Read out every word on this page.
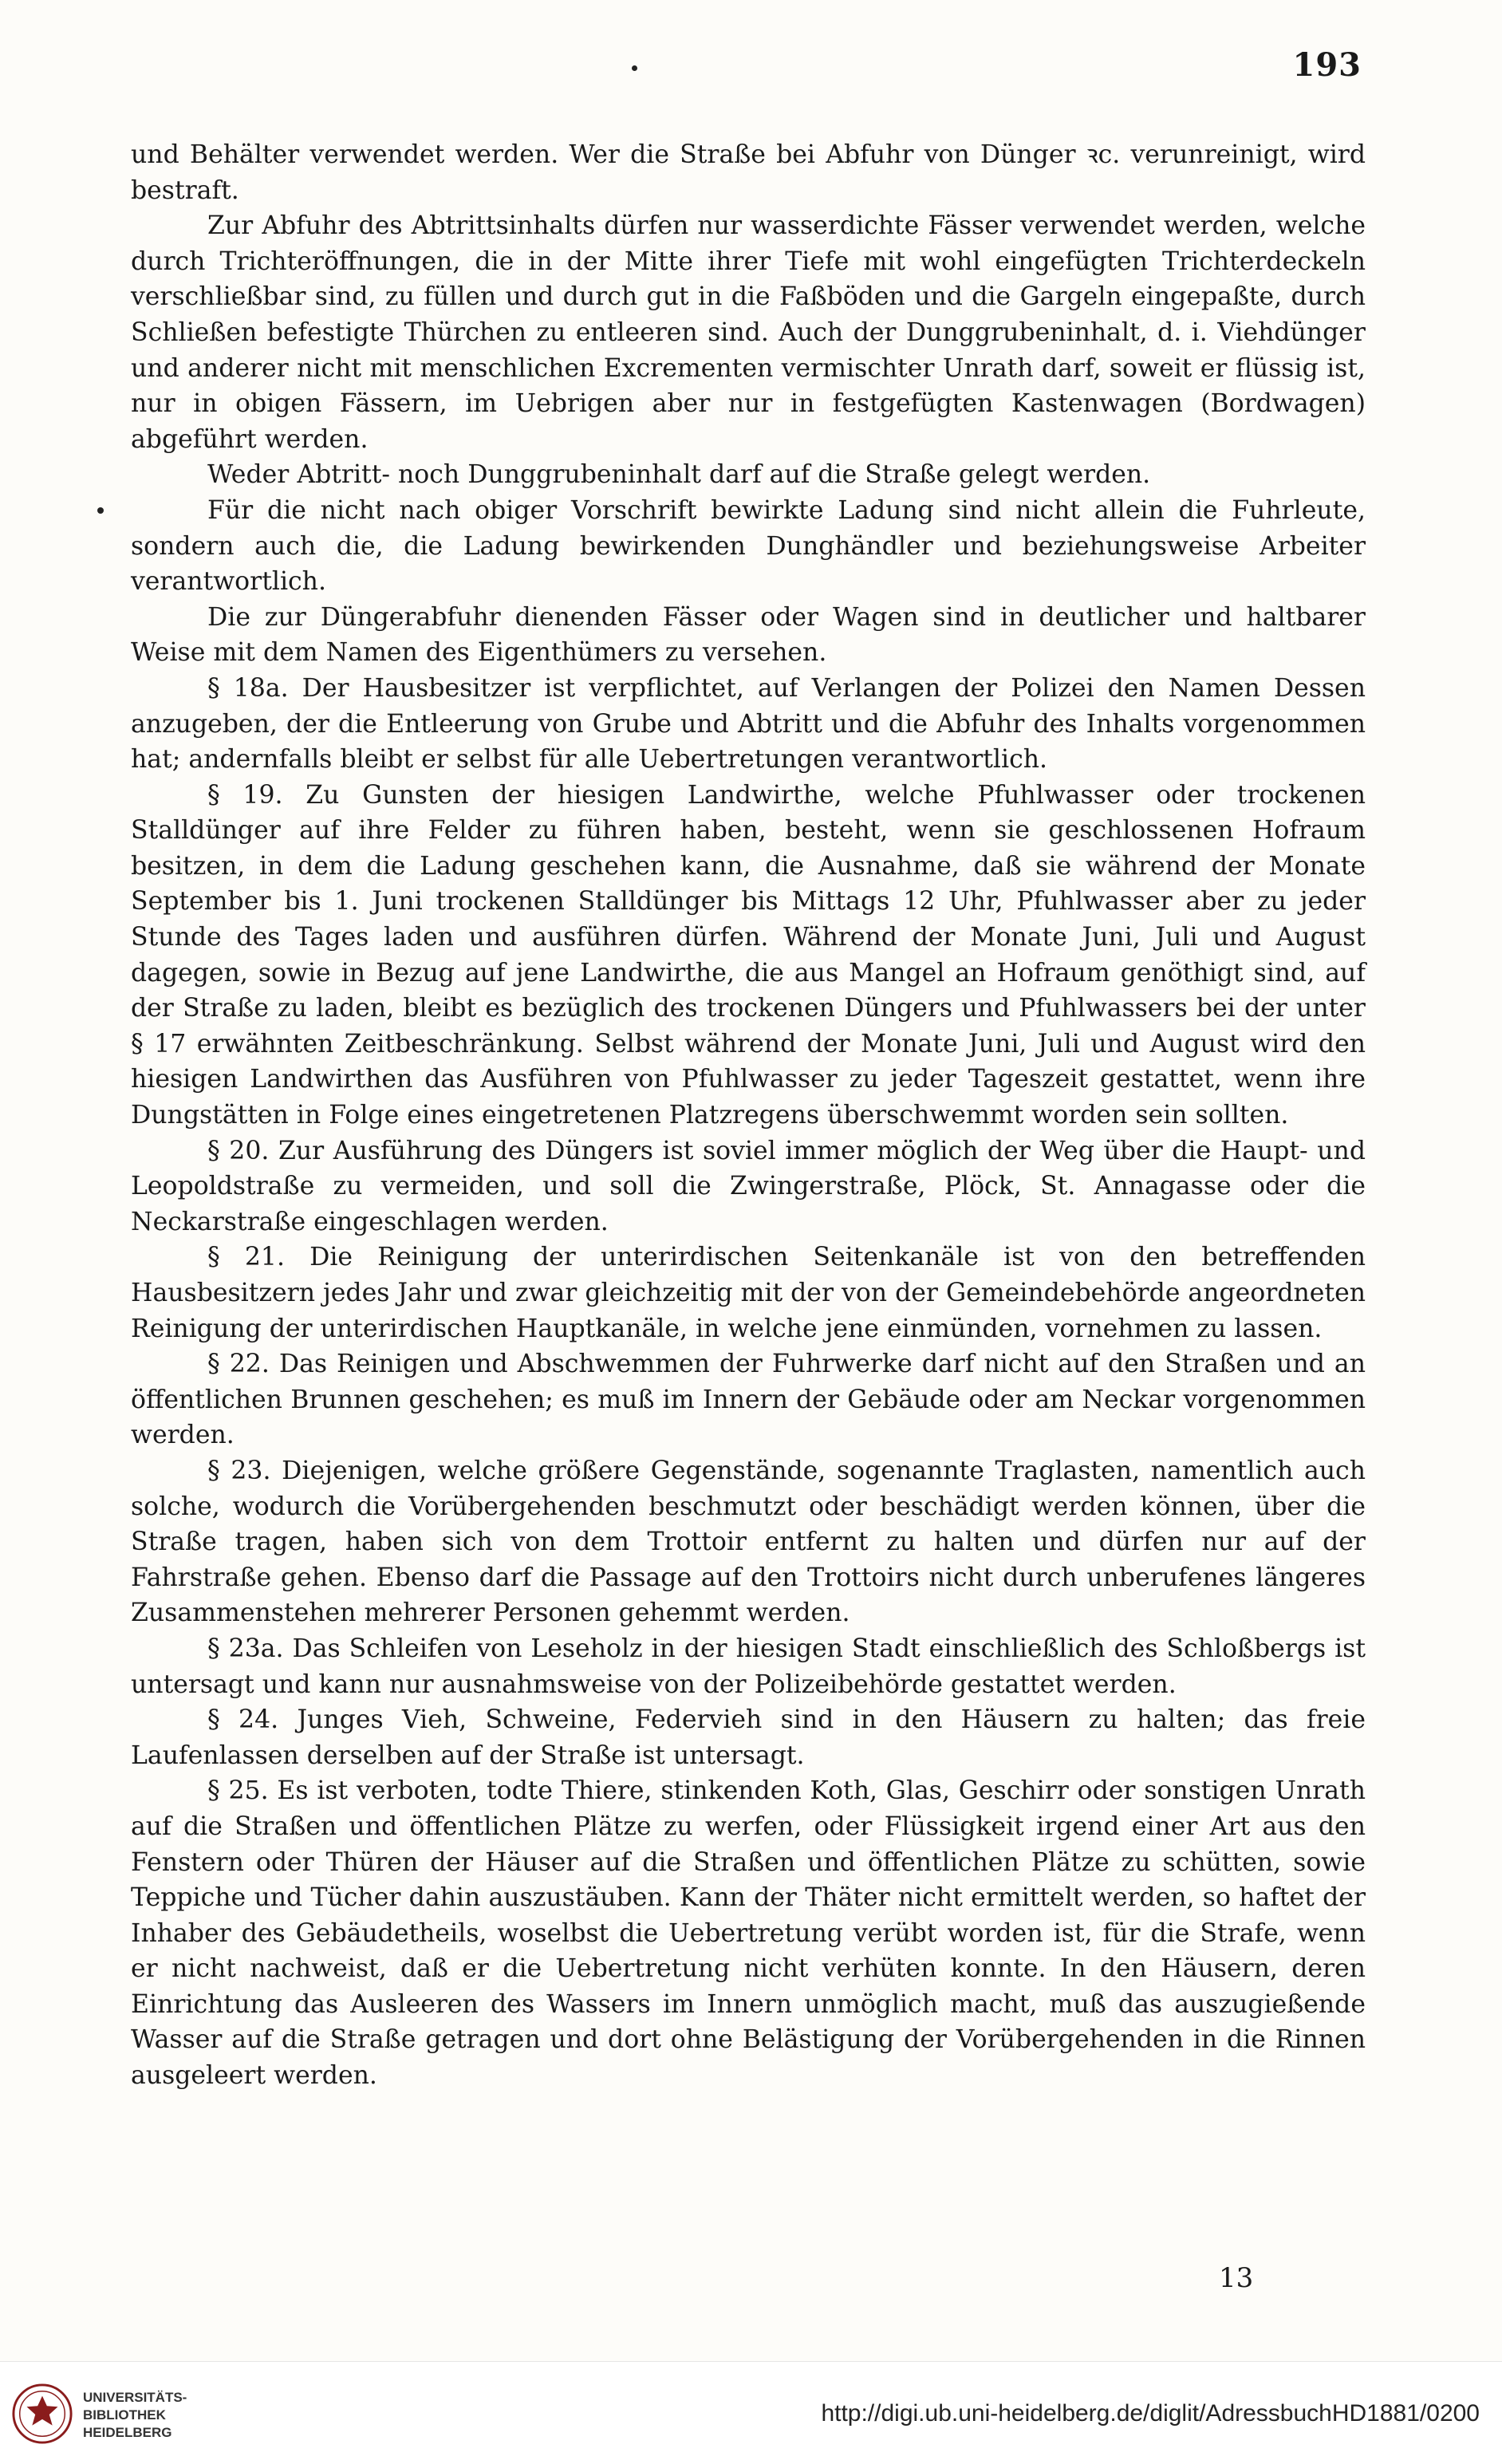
193

und Behälter verwendet werden. Wer die Straße bei Abfuhr von Dünger ꝛc. verunreinigt, wird bestraft.

Zur Abfuhr des Abtrittsinhalts dürfen nur wasserdichte Fässer verwendet werden, welche durch Trichteröffnungen, die in der Mitte ihrer Tiefe mit wohl eingefügten Trichterdeckeln verschließbar sind, zu füllen und durch gut in die Faßböden und die Gargeln eingepaßte, durch Schließen befestigte Thürchen zu entleeren sind. Auch der Dunggrubeninhalt, d. i. Viehdünger und anderer nicht mit menschlichen Excrementen vermischter Unrath darf, soweit er flüssig ist, nur in obigen Fässern, im Uebrigen aber nur in festgefügten Kastenwagen (Bordwagen) abgeführt werden.

Weder Abtritt- noch Dunggrubeninhalt darf auf die Straße gelegt werden.

Für die nicht nach obiger Vorschrift bewirkte Ladung sind nicht allein die Fuhrleute, sondern auch die, die Ladung bewirkenden Dunghändler und beziehungsweise Arbeiter verantwortlich.

Die zur Düngerabfuhr dienenden Fässer oder Wagen sind in deutlicher und haltbarer Weise mit dem Namen des Eigenthümers zu versehen.

§ 18a. Der Hausbesitzer ist verpflichtet, auf Verlangen der Polizei den Namen Dessen anzugeben, der die Entleerung von Grube und Abtritt und die Abfuhr des Inhalts vorgenommen hat; andernfalls bleibt er selbst für alle Uebertretungen verantwortlich.

§ 19. Zu Gunsten der hiesigen Landwirthe, welche Pfuhlwasser oder trockenen Stalldünger auf ihre Felder zu führen haben, besteht, wenn sie geschlossenen Hofraum besitzen, in dem die Ladung geschehen kann, die Ausnahme, daß sie während der Monate September bis 1. Juni trockenen Stalldünger bis Mittags 12 Uhr, Pfuhlwasser aber zu jeder Stunde des Tages laden und ausführen dürfen. Während der Monate Juni, Juli und August dagegen, sowie in Bezug auf jene Landwirthe, die aus Mangel an Hofraum genöthigt sind, auf der Straße zu laden, bleibt es bezüglich des trockenen Düngers und Pfuhlwassers bei der unter § 17 erwähnten Zeitbeschränkung. Selbst während der Monate Juni, Juli und August wird den hiesigen Landwirthen das Ausführen von Pfuhlwasser zu jeder Tageszeit gestattet, wenn ihre Dungstätten in Folge eines eingetretenen Platzregens überschwemmt worden sein sollten.

§ 20. Zur Ausführung des Düngers ist soviel immer möglich der Weg über die Haupt- und Leopoldstraße zu vermeiden, und soll die Zwingerstraße, Plöck, St. Annagasse oder die Neckarstraße eingeschlagen werden.

§ 21. Die Reinigung der unterirdischen Seitenkanäle ist von den betreffenden Hausbesitzern jedes Jahr und zwar gleichzeitig mit der von der Gemeindebehörde angeordneten Reinigung der unterirdischen Hauptkanäle, in welche jene einmünden, vornehmen zu lassen.

§ 22. Das Reinigen und Abschwemmen der Fuhrwerke darf nicht auf den Straßen und an öffentlichen Brunnen geschehen; es muß im Innern der Gebäude oder am Neckar vorgenommen werden.

§ 23. Diejenigen, welche größere Gegenstände, sogenannte Traglasten, namentlich auch solche, wodurch die Vorübergehenden beschmutzt oder beschädigt werden können, über die Straße tragen, haben sich von dem Trottoir entfernt zu halten und dürfen nur auf der Fahrstraße gehen. Ebenso darf die Passage auf den Trottoirs nicht durch unberufenes längeres Zusammenstehen mehrerer Personen gehemmt werden.

§ 23a. Das Schleifen von Leseholz in der hiesigen Stadt einschließlich des Schloßbergs ist untersagt und kann nur ausnahmsweise von der Polizeibehörde gestattet werden.

§ 24. Junges Vieh, Schweine, Federvieh sind in den Häusern zu halten; das freie Laufenlassen derselben auf der Straße ist untersagt.

§ 25. Es ist verboten, todte Thiere, stinkenden Koth, Glas, Geschirr oder sonstigen Unrath auf die Straßen und öffentlichen Plätze zu werfen, oder Flüssigkeit irgend einer Art aus den Fenstern oder Thüren der Häuser auf die Straßen und öffentlichen Plätze zu schütten, sowie Teppiche und Tücher dahin auszustäuben. Kann der Thäter nicht ermittelt werden, so haftet der Inhaber des Gebäudetheils, woselbst die Uebertretung verübt worden ist, für die Strafe, wenn er nicht nachweist, daß er die Uebertretung nicht verhüten konnte. In den Häusern, deren Einrichtung das Ausleeren des Wassers im Innern unmöglich macht, muß das auszugießende Wasser auf die Straße getragen und dort ohne Belästigung der Vorübergehenden in die Rinnen ausgeleert werden.

13
UNIVERSITÄTS-
BIBLIOTHEK
HEIDELBERG
http://digi.ub.uni-heidelberg.de/diglit/AdressbuchHD1881/0200
